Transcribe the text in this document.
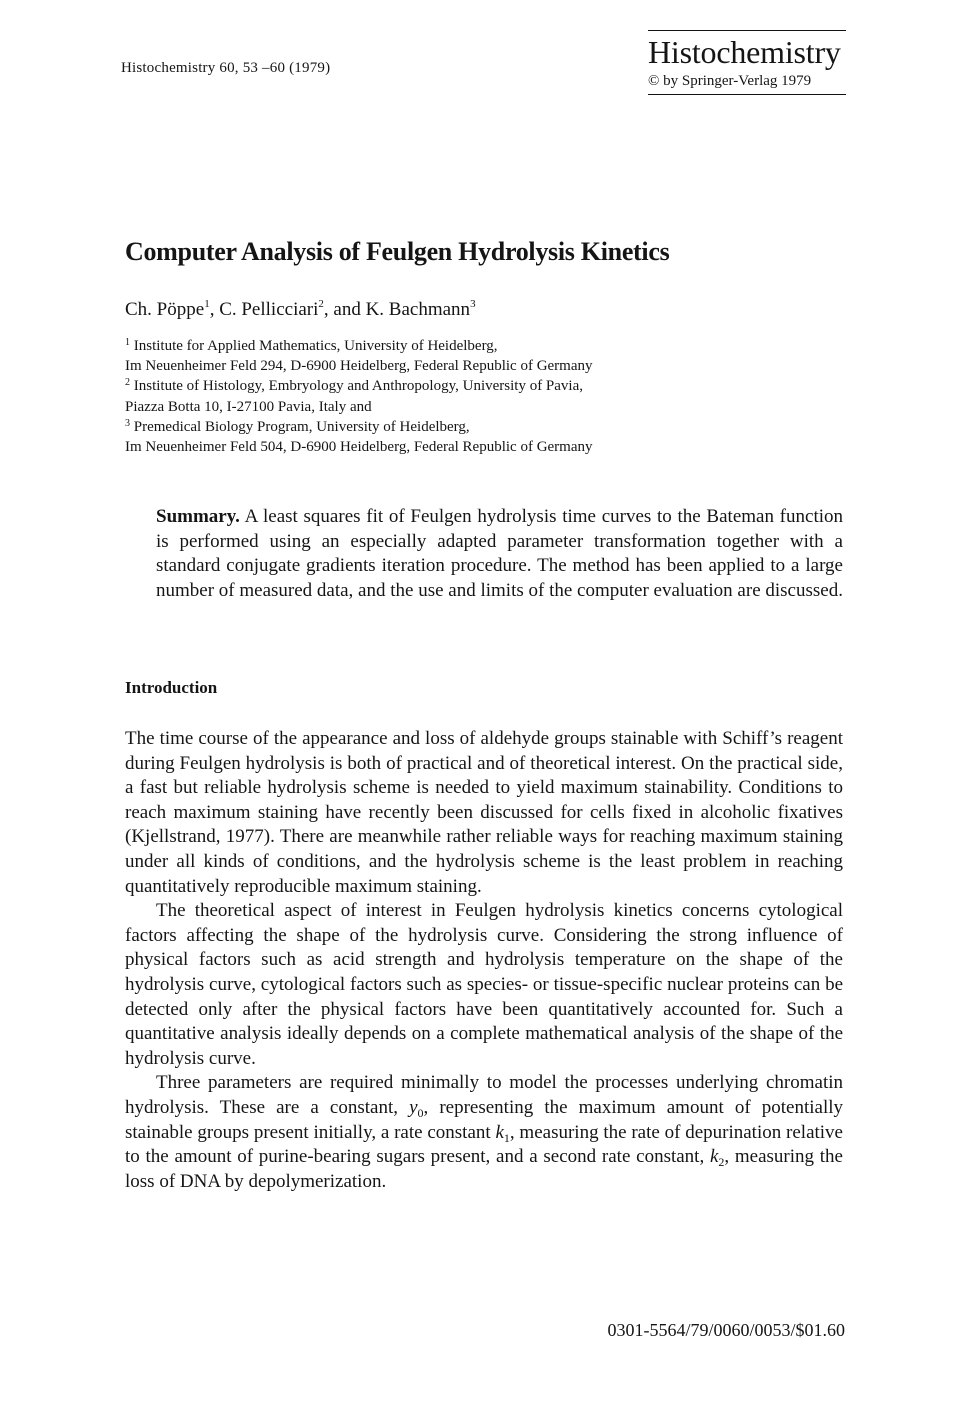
Histochemistry 60, 53 –60 (1979)	Histochemistry
© by Springer-Verlag 1979
Computer Analysis of Feulgen Hydrolysis Kinetics
Ch. Pöppe$^1$, C. Pellicciari$^2$, and K. Bachmann$^3$
$^1$ Institute for Applied Mathematics, University of Heidelberg,
Im Neuenheimer Feld 294, D-6900 Heidelberg, Federal Republic of Germany
$^2$ Institute of Histology, Embryology and Anthropology, University of Pavia,
Piazza Botta 10, I-27100 Pavia, Italy and
$^3$ Premedical Biology Program, University of Heidelberg,
Im Neuenheimer Feld 504, D-6900 Heidelberg, Federal Republic of Germany
Summary. A least squares fit of Feulgen hydrolysis time curves to the Bateman function is performed using an especially adapted parameter transformation together with a standard conjugate gradients iteration procedure. The method has been applied to a large number of measured data, and the use and limits of the computer evaluation are discussed.
Introduction

The time course of the appearance and loss of aldehyde groups stainable with Schiff’s reagent during Feulgen hydrolysis is both of practical and of theoretical interest. On the practical side, a fast but reliable hydrolysis scheme is needed to yield maximum stainability. Conditions to reach maximum staining have recently been discussed for cells fixed in alcoholic fixatives (Kjellstrand, 1977). There are meanwhile rather reliable ways for reaching maximum staining under all kinds of conditions, and the hydrolysis scheme is the least problem in reaching quantitatively reproducible maximum staining.

The theoretical aspect of interest in Feulgen hydrolysis kinetics concerns cytological factors affecting the shape of the hydrolysis curve. Considering the strong influence of physical factors such as acid strength and hydrolysis temperature on the shape of the hydrolysis curve, cytological factors such as species- or tissue-specific nuclear proteins can be detected only after the physical factors have been quantitatively accounted for. Such a quantitative analysis ideally depends on a complete mathematical analysis of the shape of the hydrolysis curve.

Three parameters are required minimally to model the processes underlying chromatin hydrolysis. These are a constant, $y_0$, representing the maximum amount of potentially stainable groups present initially, a rate constant $k_1$, measuring the rate of depurination relative to the amount of purine-bearing sugars present, and a second rate constant, $k_2$, measuring the loss of DNA by depolymerization.

0301-5564/79/0060/0053/$01.60
